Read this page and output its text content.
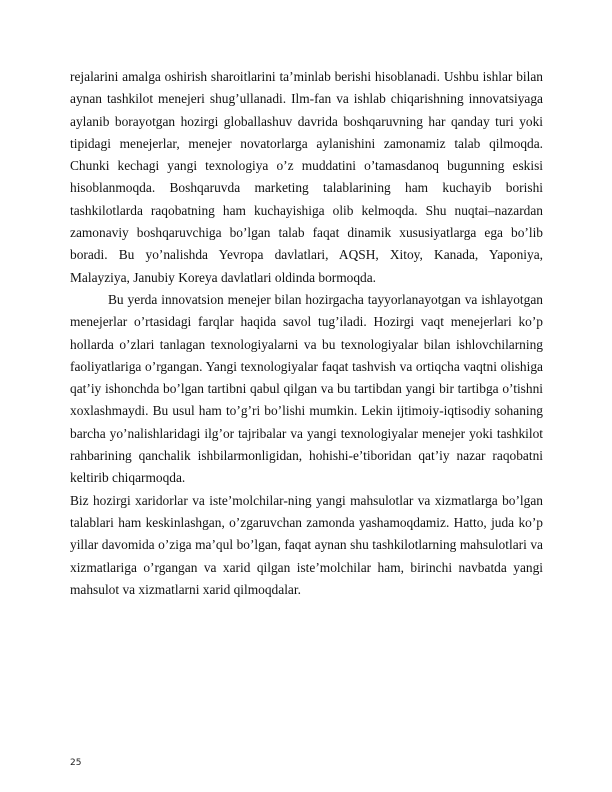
rejalarini amalga oshirish sharoitlarini ta’minlab berishi hisoblanadi. Ushbu ishlar bilan aynan tashkilot menejeri shug’ullanadi. Ilm-fan va ishlab chiqarishning innovatsiyaga aylanib borayotgan hozirgi globallashuv davrida boshqaruvning har qanday turi yoki tipidagi menejerlar, menejer novatorlarga aylanishini zamonamiz talab qilmoqda. Chunki kechagi yangi texnologiya o’z muddatini o’tamasdanoq bugunning eskisi hisoblanmoqda. Boshqaruvda marketing talablarining ham kuchayib borishi tashkilotlarda raqobatning ham kuchayishiga olib kelmoqda. Shu nuqtai–nazardan zamonaviy boshqaruvchiga bo’lgan talab faqat dinamik xususiyatlarga ega bo’lib boradi. Bu yo’nalishda Yevropa davlatlari, AQSH, Xitoy, Kanada, Yaponiya, Malayziya, Janubiy Koreya davlatlari oldinda bormoqda.

Bu yerda innovatsion menejer bilan hozirgacha tayyorlanayotgan va ishlayotgan menejerlar o’rtasidagi farqlar haqida savol tug’iladi. Hozirgi vaqt menejerlari ko’p hollarda o’zlari tanlagan texnologiyalarni va bu texnologiyalar bilan ishlovchilarning faoliyatlariga o’rgangan. Yangi texnologiyalar faqat tashvish va ortiqcha vaqtni olishiga qat’iy ishonchda bo’lgan tartibni qabul qilgan va bu tartibdan yangi bir tartibga o’tishni xoxlashmaydi. Bu usul ham to’g’ri bo’lishi mumkin. Lekin ijtimoiy-iqtisodiy sohaning barcha yo’nalishlaridagi ilg’or tajribalar va yangi texnologiyalar menejer yoki tashkilot rahbarining qanchalik ishbilarmonligidan, hohishi-e’tiboridan qat’iy nazar raqobatni keltirib chiqarmoqda.

Biz hozirgi xaridorlar va iste’molchilar-ning yangi mahsulotlar va xizmatlarga bo’lgan talablari ham keskinlashgan, o’zgaruvchan zamonda yashamoqdamiz. Hatto, juda ko’p yillar davomida o’ziga ma’qul bo’lgan, faqat aynan shu tashkilotlarning mahsulotlari va xizmatlariga o’rgangan va xarid qilgan iste’molchilar ham, birinchi navbatda yangi mahsulot va xizmatlarni xarid qilmoqdalar.

25
